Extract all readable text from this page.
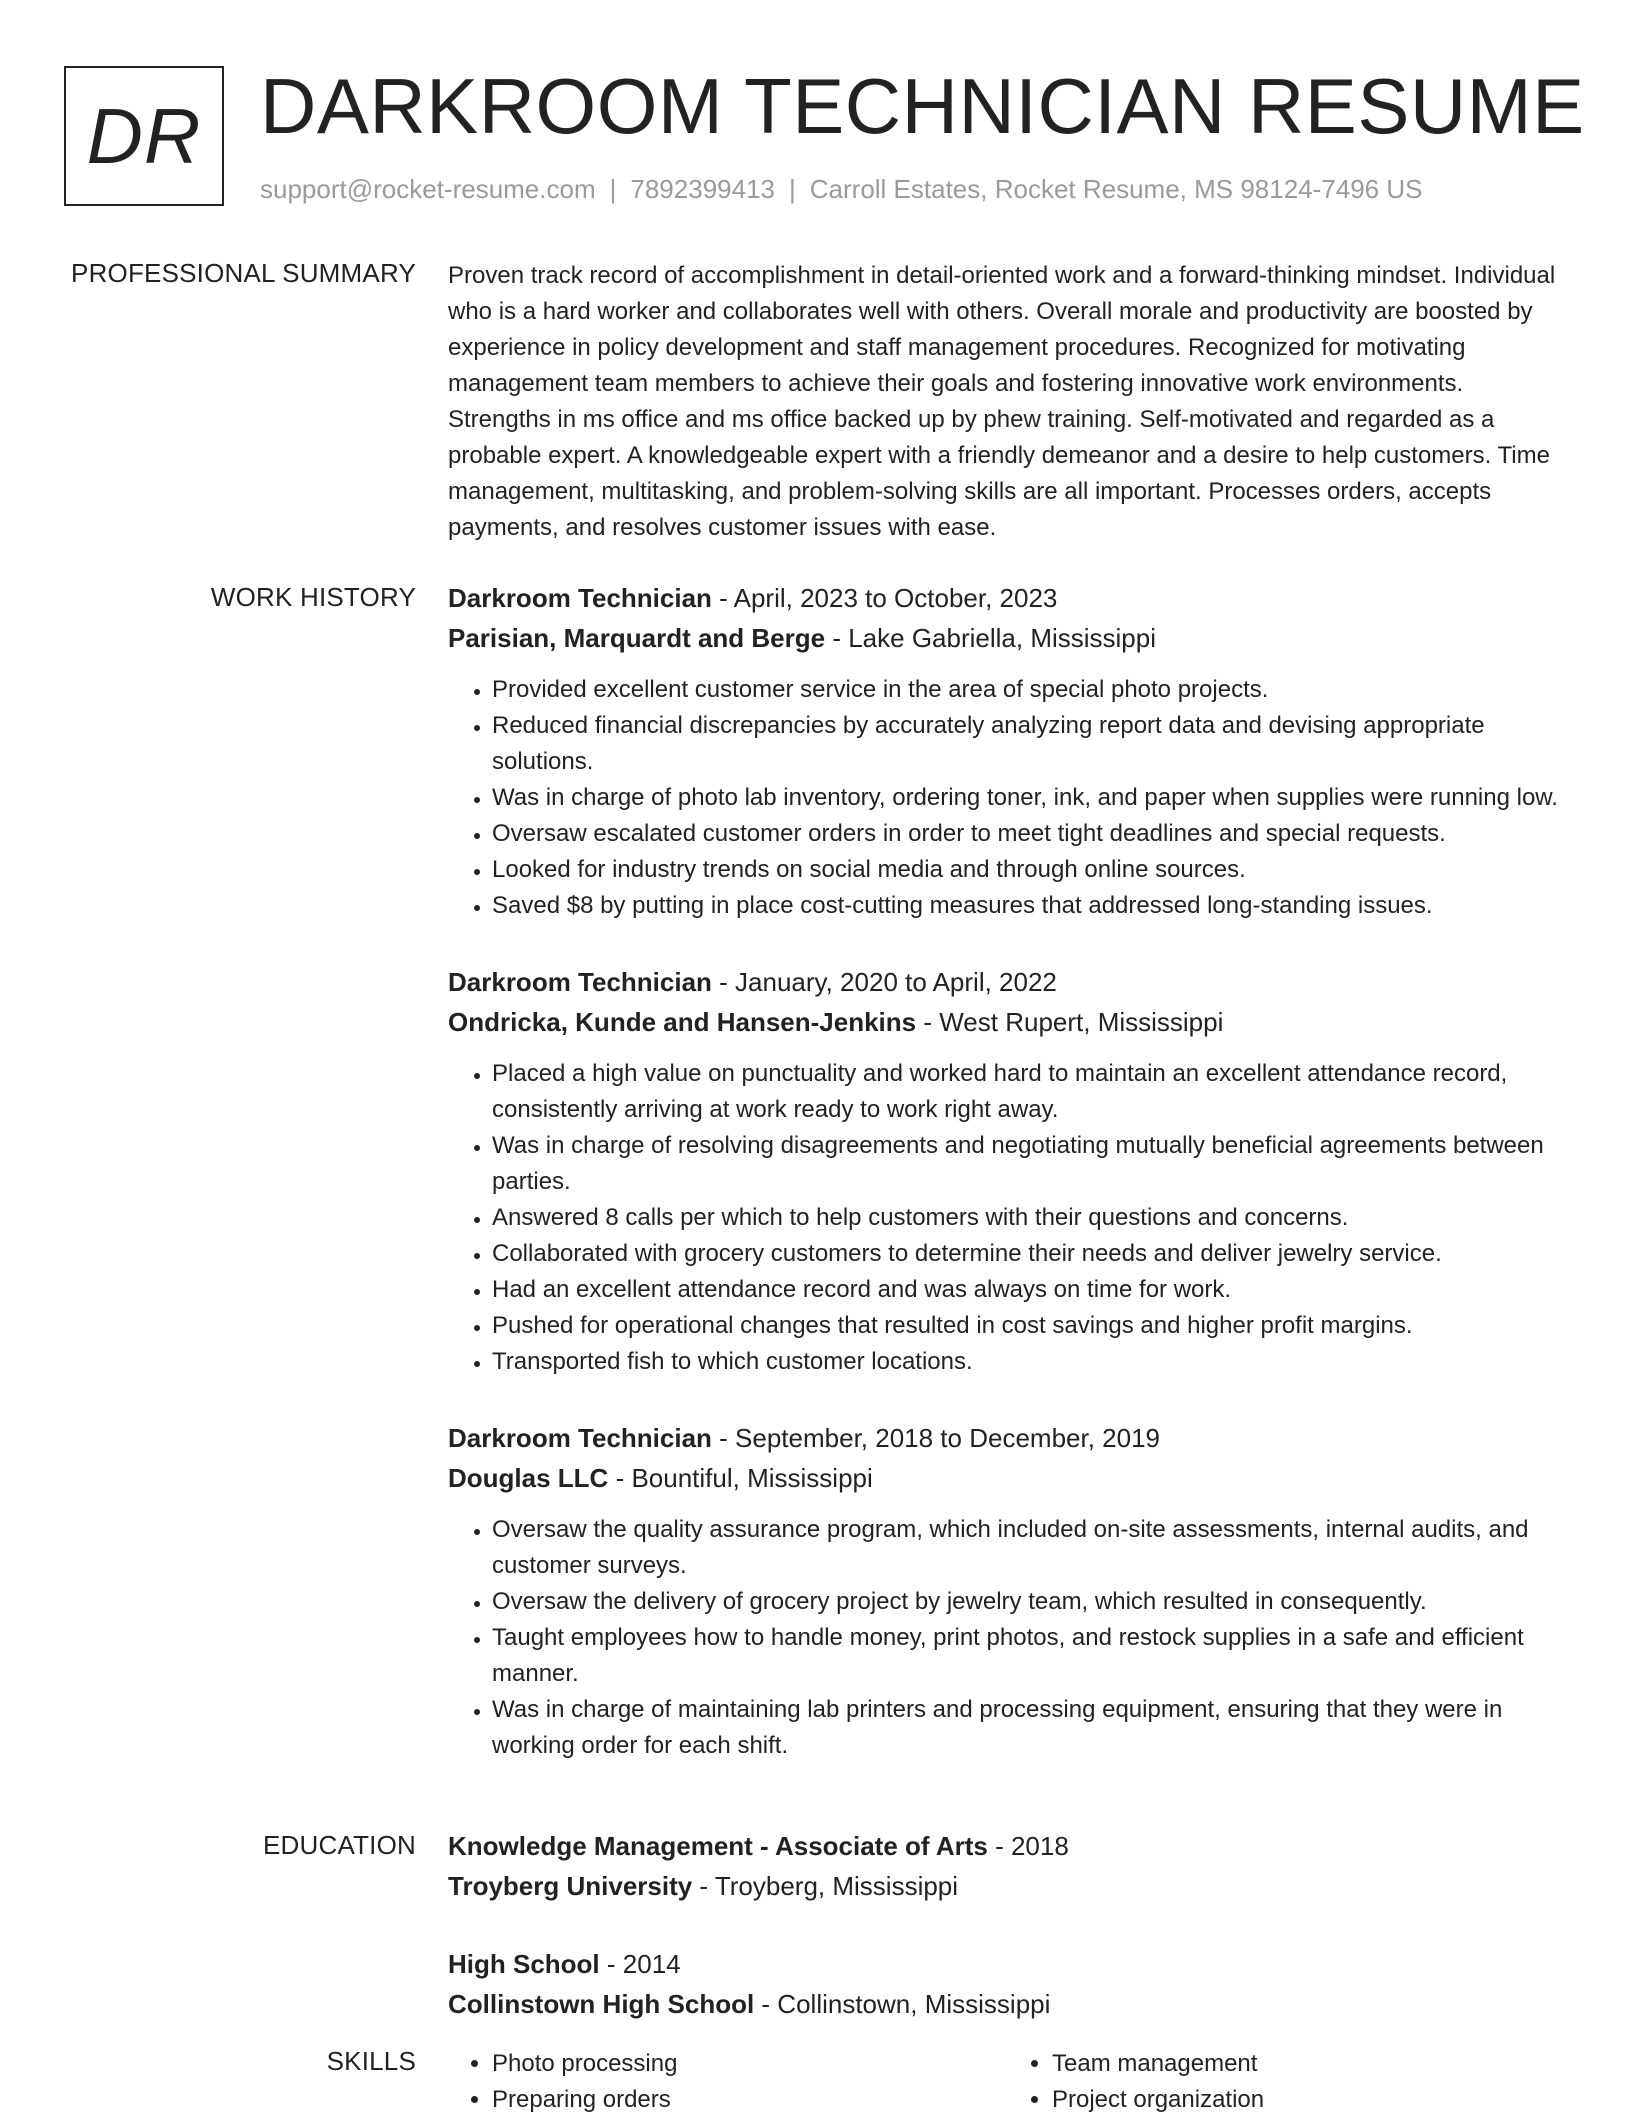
DR DARKROOM TECHNICIAN RESUME
support@rocket-resume.com | 7892399413 | Carroll Estates, Rocket Resume, MS 98124-7496 US
PROFESSIONAL SUMMARY Proven track record of accomplishment in detail-oriented work and a forward-thinking mindset. Individual who is a hard worker and collaborates well with others. Overall morale and productivity are boosted by experience in policy development and staff management procedures. Recognized for motivating management team members to achieve their goals and fostering innovative work environments. Strengths in ms office and ms office backed up by phew training. Self-motivated and regarded as a probable expert. A knowledgeable expert with a friendly demeanor and a desire to help customers. Time management, multitasking, and problem-solving skills are all important. Processes orders, accepts payments, and resolves customer issues with ease.

WORK HISTORY Darkroom Technician - April, 2023 to October, 2023
Parisian, Marquardt and Berge - Lake Gabriella, Mississippi
• Provided excellent customer service in the area of special photo projects.
• Reduced financial discrepancies by accurately analyzing report data and devising appropriate solutions.
• Was in charge of photo lab inventory, ordering toner, ink, and paper when supplies were running low.
• Oversaw escalated customer orders in order to meet tight deadlines and special requests.
• Looked for industry trends on social media and through online sources.
• Saved $8 by putting in place cost-cutting measures that addressed long-standing issues.
Darkroom Technician - January, 2020 to April, 2022
Ondricka, Kunde and Hansen-Jenkins - West Rupert, Mississippi
• Placed a high value on punctuality and worked hard to maintain an excellent attendance record, consistently arriving at work ready to work right away.
• Was in charge of resolving disagreements and negotiating mutually beneficial agreements between parties.
• Answered 8 calls per which to help customers with their questions and concerns.
• Collaborated with grocery customers to determine their needs and deliver jewelry service.
• Had an excellent attendance record and was always on time for work.
• Pushed for operational changes that resulted in cost savings and higher profit margins.
• Transported fish to which customer locations.
Darkroom Technician - September, 2018 to December, 2019
Douglas LLC - Bountiful, Mississippi
• Oversaw the quality assurance program, which included on-site assessments, internal audits, and customer surveys.
• Oversaw the delivery of grocery project by jewelry team, which resulted in consequently.
• Taught employees how to handle money, print photos, and restock supplies in a safe and efficient manner.
• Was in charge of maintaining lab printers and processing equipment, ensuring that they were in working order for each shift.
EDUCATION Knowledge Management - Associate of Arts - 2018
Troyberg University - Troyberg, Mississippi
High School - 2014
Collinstown High School - Collinstown, Mississippi
SKILLS
•	Photo processing
• Preparing orders
• Team management
• Project organization
